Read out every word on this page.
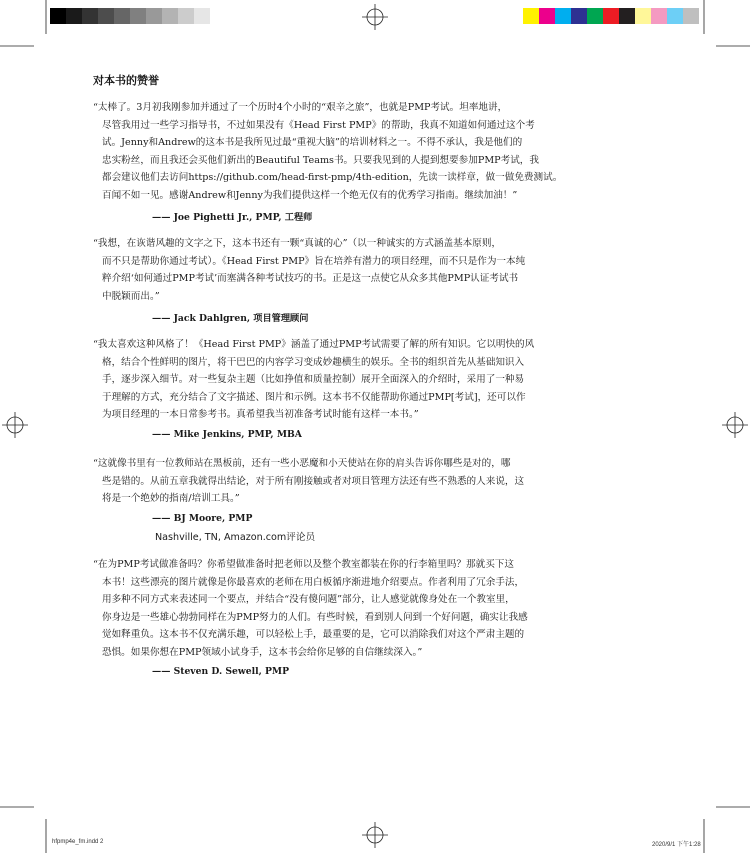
对本书的赞誉
“太棒了。3月初我刚参加并通过了一个历时4个小时的“艰辛之旅”，也就是PMP考试。坦率地讲，
尽管我用过一些学习指导书，不过如果没有《Head First PMP》的帮助，我真不知道如何通过这个考
试。Jenny和Andrew的这本书是我所见过最“重视大脑”的培训材料之一。不得不承认，我是他们的
忠实粉丝，而且我还会买他们新出的Beautiful Teams书。只要我见到的人提到想要参加PMP考试，我
都会建议他们去访问https://github.com/head-first-pmp/4th-edition，先读一读样章，做一做免费测试。
百闻不如一见。感谢Andrew和Jenny为我们提供这样一个绝无仅有的优秀学习指南。继续加油！”

—— Joe Pighetti Jr., PMP, 工程师

“我想，在诙谐风趣的文字之下，这本书还有一颗“真诚的心”（以一种诚实的方式涵盖基本原则，
而不只是帮助你通过考试）。《Head First PMP》旨在培养有潜力的项目经理，而不只是作为一本纯
粹介绍‘如何通过PMP考试’而塞满各种考试技巧的书。正是这一点使它从众多其他PMP认证考试书
中脱颖而出。”

—— Jack Dahlgren, 项目管理顾问

“我太喜欢这种风格了！《Head First PMP》涵盖了通过PMP考试需要了解的所有知识。它以明快的风
格，结合个性鲜明的图片，将干巴巴的内容学习变成妙趣横生的娱乐。全书的组织首先从基础知识入
手，逐步深入细节。对一些复杂主题（比如挣值和质量控制）展开全面深入的介绍时，采用了一种易
于理解的方式，充分结合了文字描述、图片和示例。这本书不仅能帮助你通过PMP[考试]，还可以作
为项目经理的一本日常参考书。真希望我当初准备考试时能有这样一本书。”

—— Mike Jenkins, PMP, MBA

“这就像书里有一位教师站在黑板前，还有一些小恶魔和小天使站在你的肩头告诉你哪些是对的，哪
些是错的。从前五章我就得出结论，对于所有刚接触或者对项目管理方法还有些不熟悉的人来说，这
将是一个绝妙的指南/培训工具。”

—— BJ Moore, PMP

Nashville, TN, Amazon.com评论员

“在为PMP考试做准备吗？你希望做准备时把老师以及整个教室都装在你的行李箱里吗？那就买下这
本书！这些漂亮的图片就像是你最喜欢的老师在用白板循序渐进地介绍要点。作者利用了冗余手法，
用多种不同方式来表述同一个要点，并结合“没有傻问题”部分，让人感觉就像身处在一个教室里，
你身边是一些雄心勃勃同样在为PMP努力的人们。有些时候，看到别人问到一个好问题，确实让我感
觉如释重负。这本书不仅充满乐趣，可以轻松上手，最重要的是，它可以消除我们对这个严肃主题的
恐惧。如果你想在PMP领域小试身手，这本书会给你足够的自信继续深入。”

—— Steven D. Sewell, PMP

hfpmp4e_fm.indd 2	2020/9/1 下午1:28
